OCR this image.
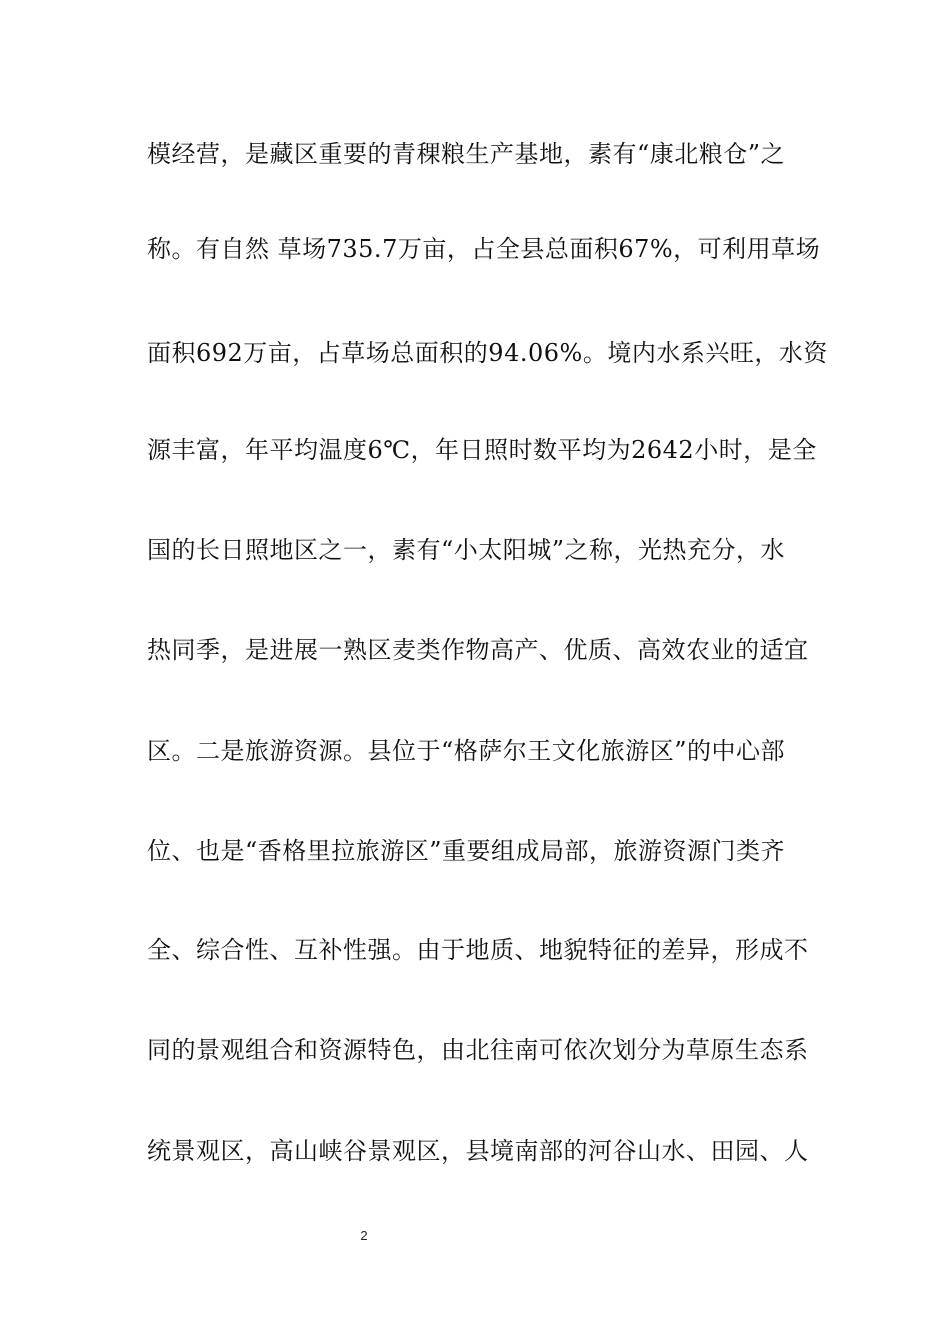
模经营，是藏区重要的青稞粮生产基地，素有“康北粮仓”之
称。有自然 草场735.7万亩，占全县总面积67%，可利用草场
面积692万亩，占草场总面积的94.06%。境内水系兴旺，水资
源丰富，年平均温度6℃，年日照时数平均为2642小时，是全
国的长日照地区之一，素有“小太阳城”之称，光热充分，水
热同季，是进展一熟区麦类作物高产、优质、高效农业的适宜
区。二是旅游资源。县位于“格萨尔王文化旅游区”的中心部
位、也是“香格里拉旅游区”重要组成局部，旅游资源门类齐
全、综合性、互补性强。由于地质、地貌特征的差异，形成不
同的景观组合和资源特色，由北往南可依次划分为草原生态系
统景观区，高山峡谷景观区，县境南部的河谷山水、田园、人
2
